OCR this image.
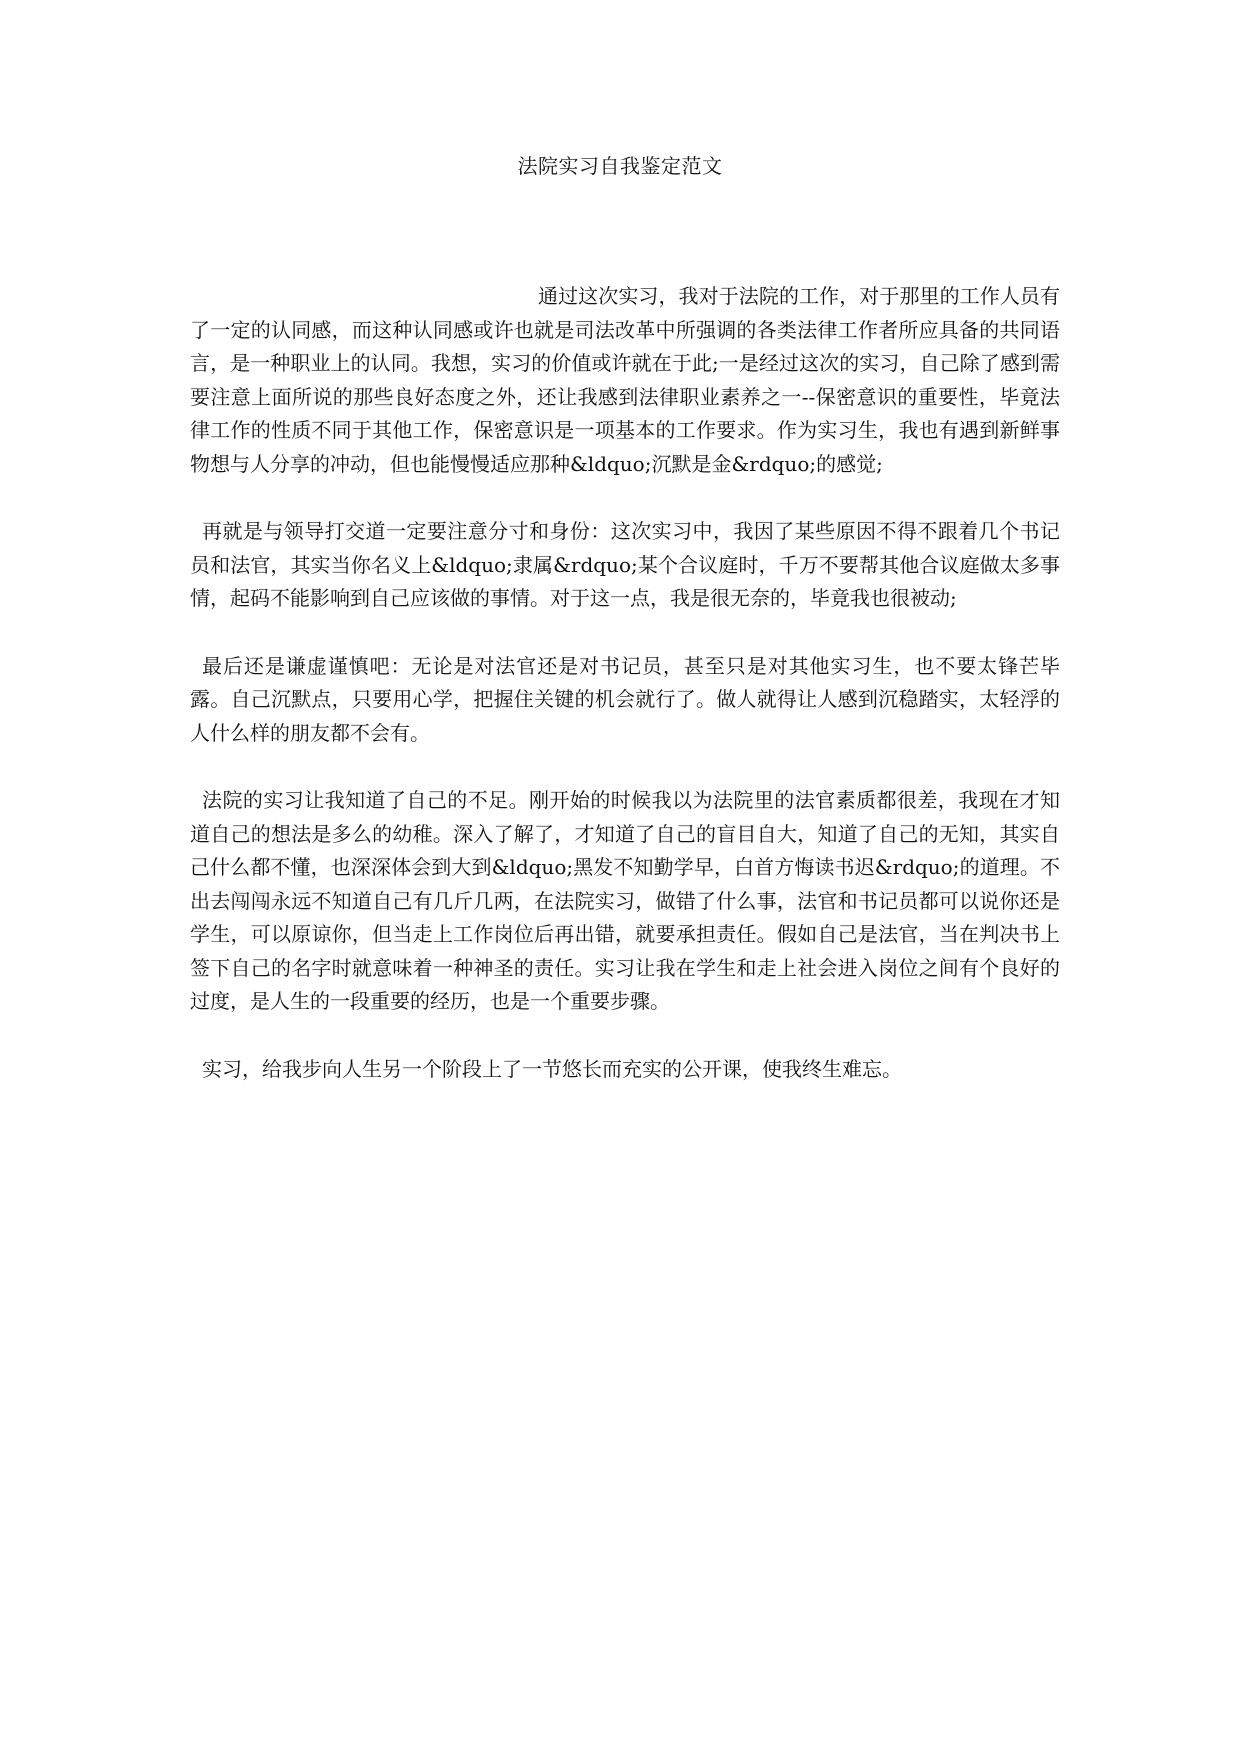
法院实习自我鉴定范文

通过这次实习，我对于法院的工作，对于那里的工作人员有了一定的认同感，而这种认同感或许也就是司法改革中所强调的各类法律工作者所应具备的共同语言，是一种职业上的认同。我想，实习的价值或许就在于此;一是经过这次的实习，自己除了感到需要注意上面所说的那些良好态度之外，还让我感到法律职业素养之一--保密意识的重要性，毕竟法律工作的性质不同于其他工作，保密意识是一项基本的工作要求。作为实习生，我也有遇到新鲜事物想与人分享的冲动，但也能慢慢适应那种&ldquo;沉默是金&rdquo;的感觉;

再就是与领导打交道一定要注意分寸和身份：这次实习中，我因了某些原因不得不跟着几个书记员和法官，其实当你名义上&ldquo;隶属&rdquo;某个合议庭时，千万不要帮其他合议庭做太多事情，起码不能影响到自己应该做的事情。对于这一点，我是很无奈的，毕竟我也很被动;

最后还是谦虚谨慎吧：无论是对法官还是对书记员，甚至只是对其他实习生，也不要太锋芒毕露。自己沉默点，只要用心学，把握住关键的机会就行了。做人就得让人感到沉稳踏实，太轻浮的人什么样的朋友都不会有。

法院的实习让我知道了自己的不足。刚开始的时候我以为法院里的法官素质都很差，我现在才知道自己的想法是多么的幼稚。深入了解了，才知道了自己的盲目自大，知道了自己的无知，其实自己什么都不懂，也深深体会到大到&ldquo;黑发不知勤学早，白首方悔读书迟&rdquo;的道理。不出去闯闯永远不知道自己有几斤几两，在法院实习，做错了什么事，法官和书记员都可以说你还是学生，可以原谅你，但当走上工作岗位后再出错，就要承担责任。假如自己是法官，当在判决书上签下自己的名字时就意味着一种神圣的责任。实习让我在学生和走上社会进入岗位之间有个良好的过度，是人生的一段重要的经历，也是一个重要步骤。

实习，给我步向人生另一个阶段上了一节悠长而充实的公开课，使我终生难忘。
